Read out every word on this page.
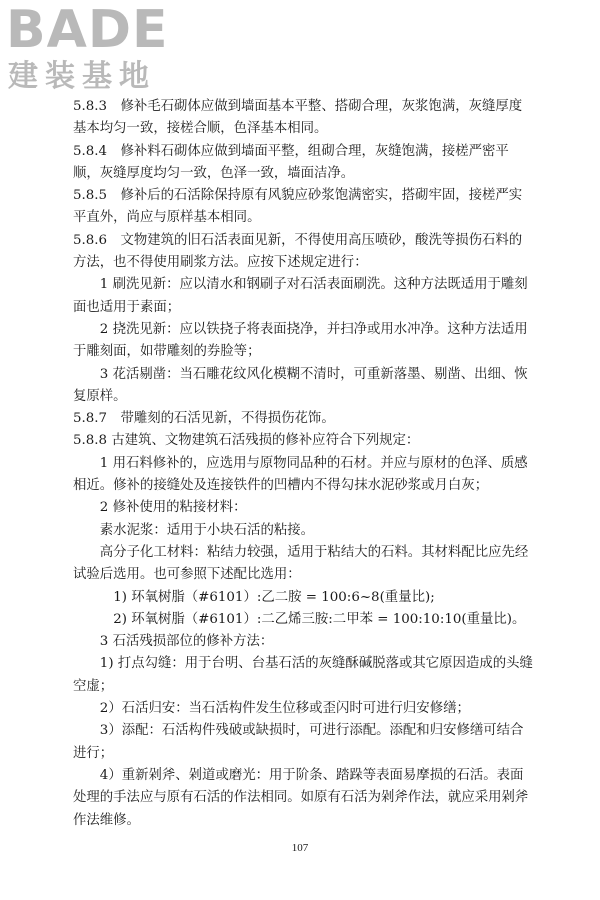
BADE
建装基地

5.8.3　修补毛石砌体应做到墙面基本平整、搭砌合理，灰浆饱满，灰缝厚度基本均匀一致，接槎合顺，色泽基本相同。

5.8.4　修补料石砌体应做到墙面平整，组砌合理，灰缝饱满，接槎严密平顺，灰缝厚度均匀一致，色泽一致，墙面洁净。

5.8.5　修补后的石活除保持原有风貌应砂浆饱满密实，搭砌牢固，接槎严实平直外，尚应与原样基本相同。

5.8.6　文物建筑的旧石活表面见新，不得使用高压喷砂，酸洗等损伤石料的方法，也不得使用刷浆方法。应按下述规定进行：

1 刷洗见新：应以清水和钢刷子对石活表面刷洗。这种方法既适用于雕刻面也适用于素面；

2 挠洗见新：应以铁挠子将表面挠净，并扫净或用水冲净。这种方法适用于雕刻面，如带雕刻的券脸等；

3 花活剔凿：当石雕花纹风化模糊不清时，可重新落墨、剔凿、出细、恢复原样。

5.8.7　带雕刻的石活见新，不得损伤花饰。

5.8.8 古建筑、文物建筑石活残损的修补应符合下列规定：

1 用石料修补的，应选用与原物同品种的石材。并应与原材的色泽、质感相近。修补的接缝处及连接铁件的凹槽内不得勾抹水泥砂浆或月白灰；

2 修补使用的粘接材料：

素水泥浆：适用于小块石活的粘接。

高分子化工材料：粘结力较强，适用于粘结大的石料。其材料配比应先经试验后选用。也可参照下述配比选用：

1) 环氧树脂（#6101）:乙二胺 = 100:6~8(重量比);

2) 环氧树脂（#6101）:二乙烯三胺:二甲苯 = 100:10:10(重量比)。

3 石活残损部位的修补方法：

1) 打点勾缝：用于台明、台基石活的灰缝酥碱脱落或其它原因造成的头缝空虚；

2）石活归安：当石活构件发生位移或歪闪时可进行归安修缮；

3）添配：石活构件残破或缺损时，可进行添配。添配和归安修缮可结合进行；

4）重新剁斧、剁道或磨光：用于阶条、踏跺等表面易摩损的石活。表面处理的手法应与原有石活的作法相同。如原有石活为剁斧作法，就应采用剁斧作法维修。

107
